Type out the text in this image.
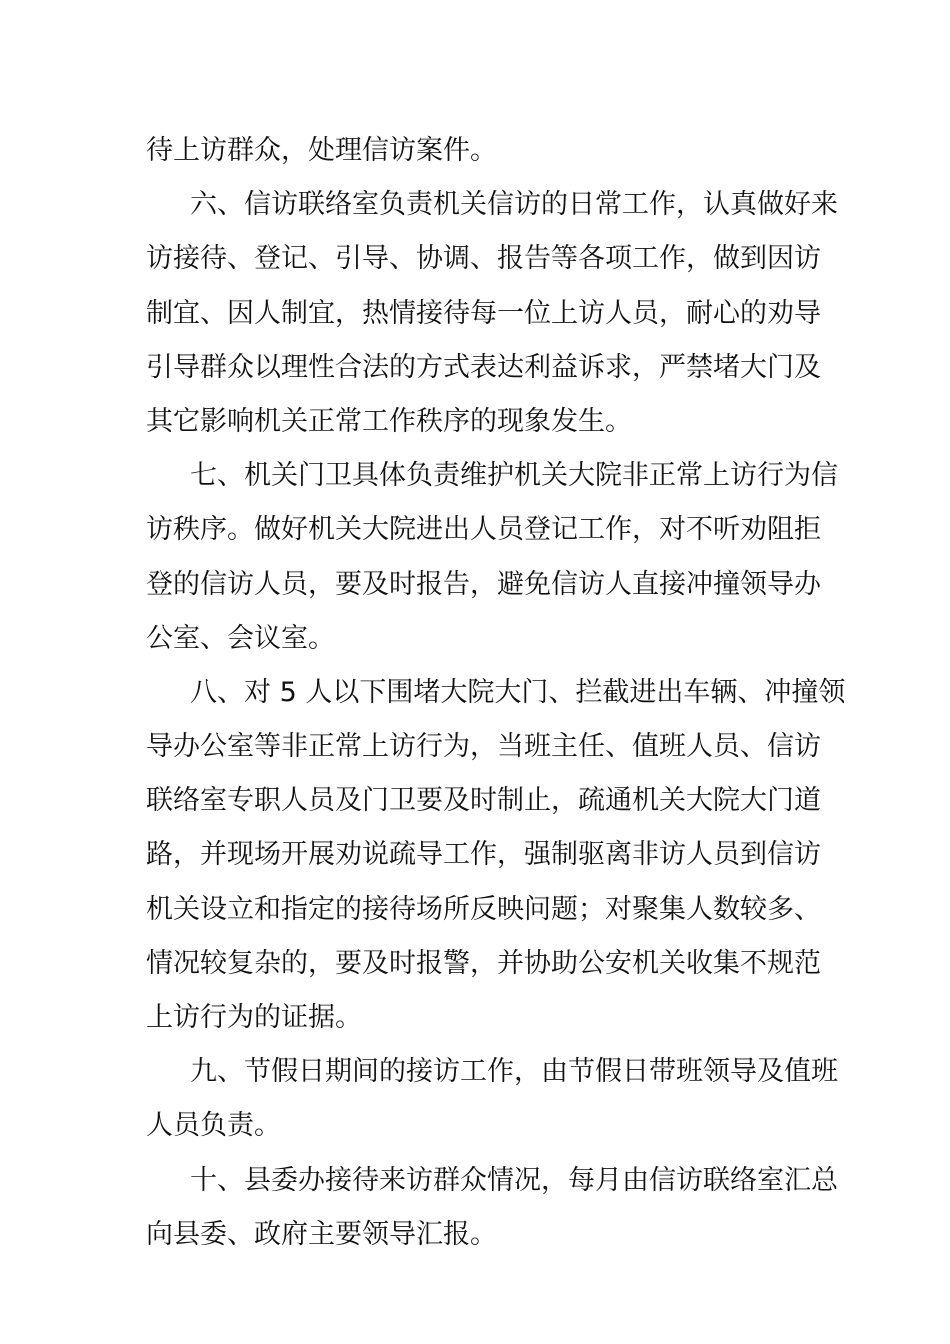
待上访群众，处理信访案件。
六、信访联络室负责机关信访的日常工作，认真做好来
访接待、登记、引导、协调、报告等各项工作，做到因访
制宜、因人制宜，热情接待每一位上访人员，耐心的劝导
引导群众以理性合法的方式表达利益诉求，严禁堵大门及
其它影响机关正常工作秩序的现象发生。
七、机关门卫具体负责维护机关大院非正常上访行为信
访秩序。做好机关大院进出人员登记工作，对不听劝阻拒
登的信访人员，要及时报告，避免信访人直接冲撞领导办
公室、会议室。
八、对 5 人以下围堵大院大门、拦截进出车辆、冲撞领
导办公室等非正常上访行为，当班主任、值班人员、信访
联络室专职人员及门卫要及时制止，疏通机关大院大门道
路，并现场开展劝说疏导工作，强制驱离非访人员到信访
机关设立和指定的接待场所反映问题；对聚集人数较多、
情况较复杂的，要及时报警，并协助公安机关收集不规范
上访行为的证据。
九、节假日期间的接访工作，由节假日带班领导及值班
人员负责。
十、县委办接待来访群众情况，每月由信访联络室汇总
向县委、政府主要领导汇报。
